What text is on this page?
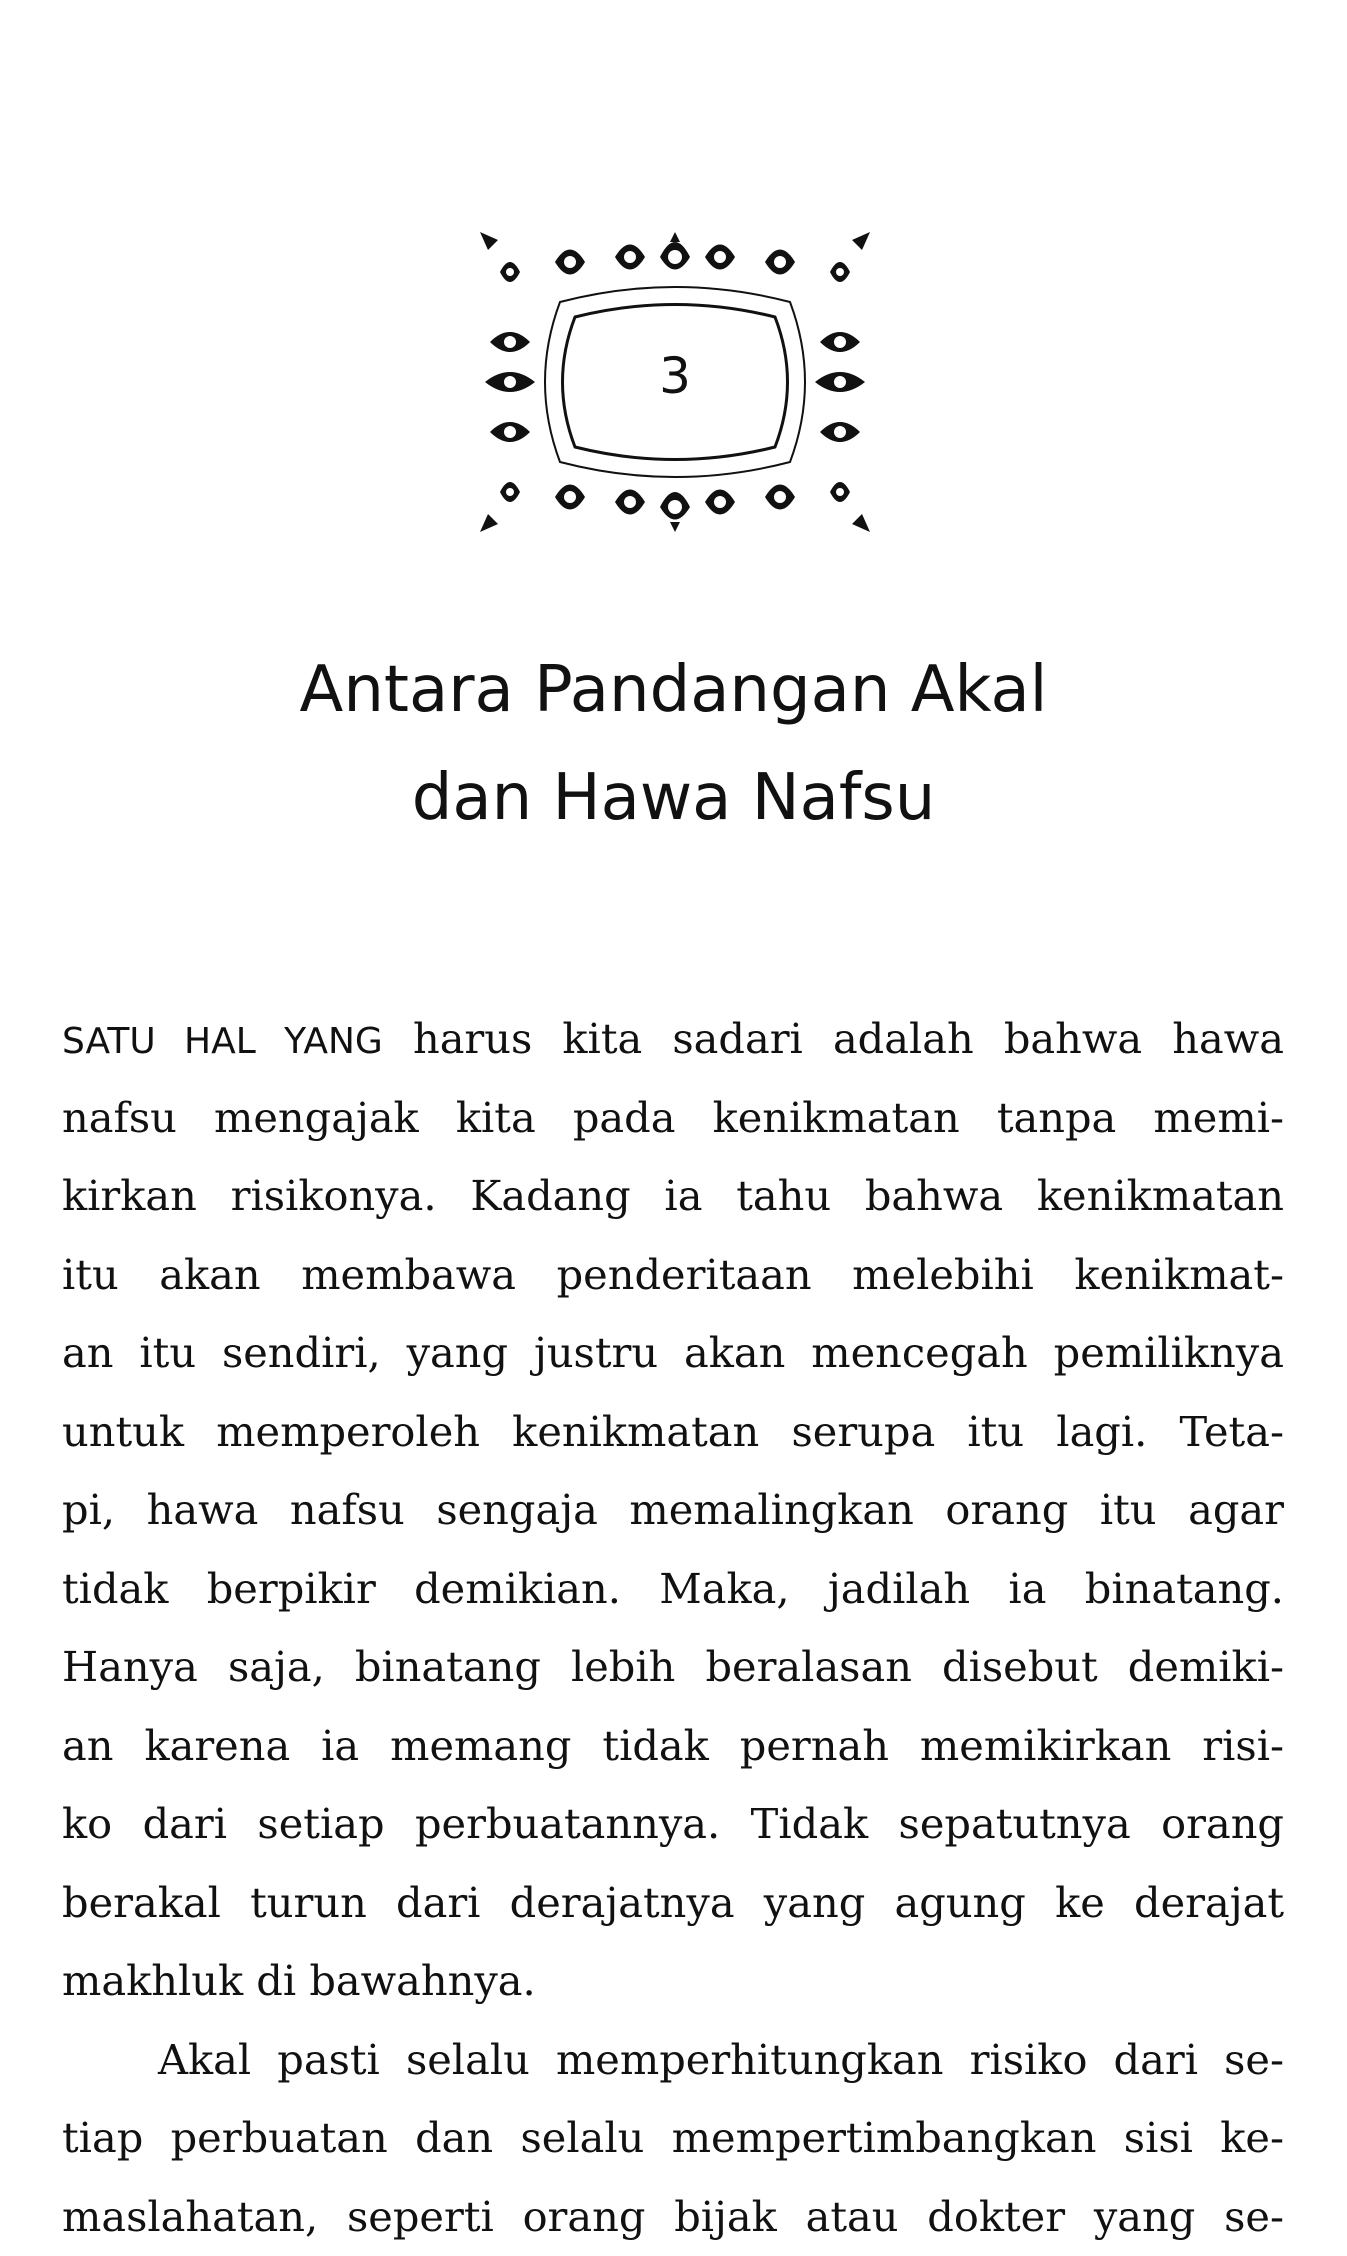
3
Antara Pandangan Akal
dan Hawa Nafsu
SATU HAL YANG harus kita sadari adalah bahwa hawa
nafsu mengajak kita pada kenikmatan tanpa memi-
kirkan risikonya. Kadang ia tahu bahwa kenikmatan
itu akan membawa penderitaan melebihi kenikmat-
an itu sendiri, yang justru akan mencegah pemiliknya
untuk memperoleh kenikmatan serupa itu lagi. Teta-
pi, hawa nafsu sengaja memalingkan orang itu agar
tidak berpikir demikian. Maka, jadilah ia binatang.
Hanya saja, binatang lebih beralasan disebut demiki-
an karena ia memang tidak pernah memikirkan risi-
ko dari setiap perbuatannya. Tidak sepatutnya orang
berakal turun dari derajatnya yang agung ke derajat
makhluk di bawahnya.
Akal pasti selalu memperhitungkan risiko dari se-
tiap perbuatan dan selalu mempertimbangkan sisi ke-
maslahatan, seperti orang bijak atau dokter yang se-
